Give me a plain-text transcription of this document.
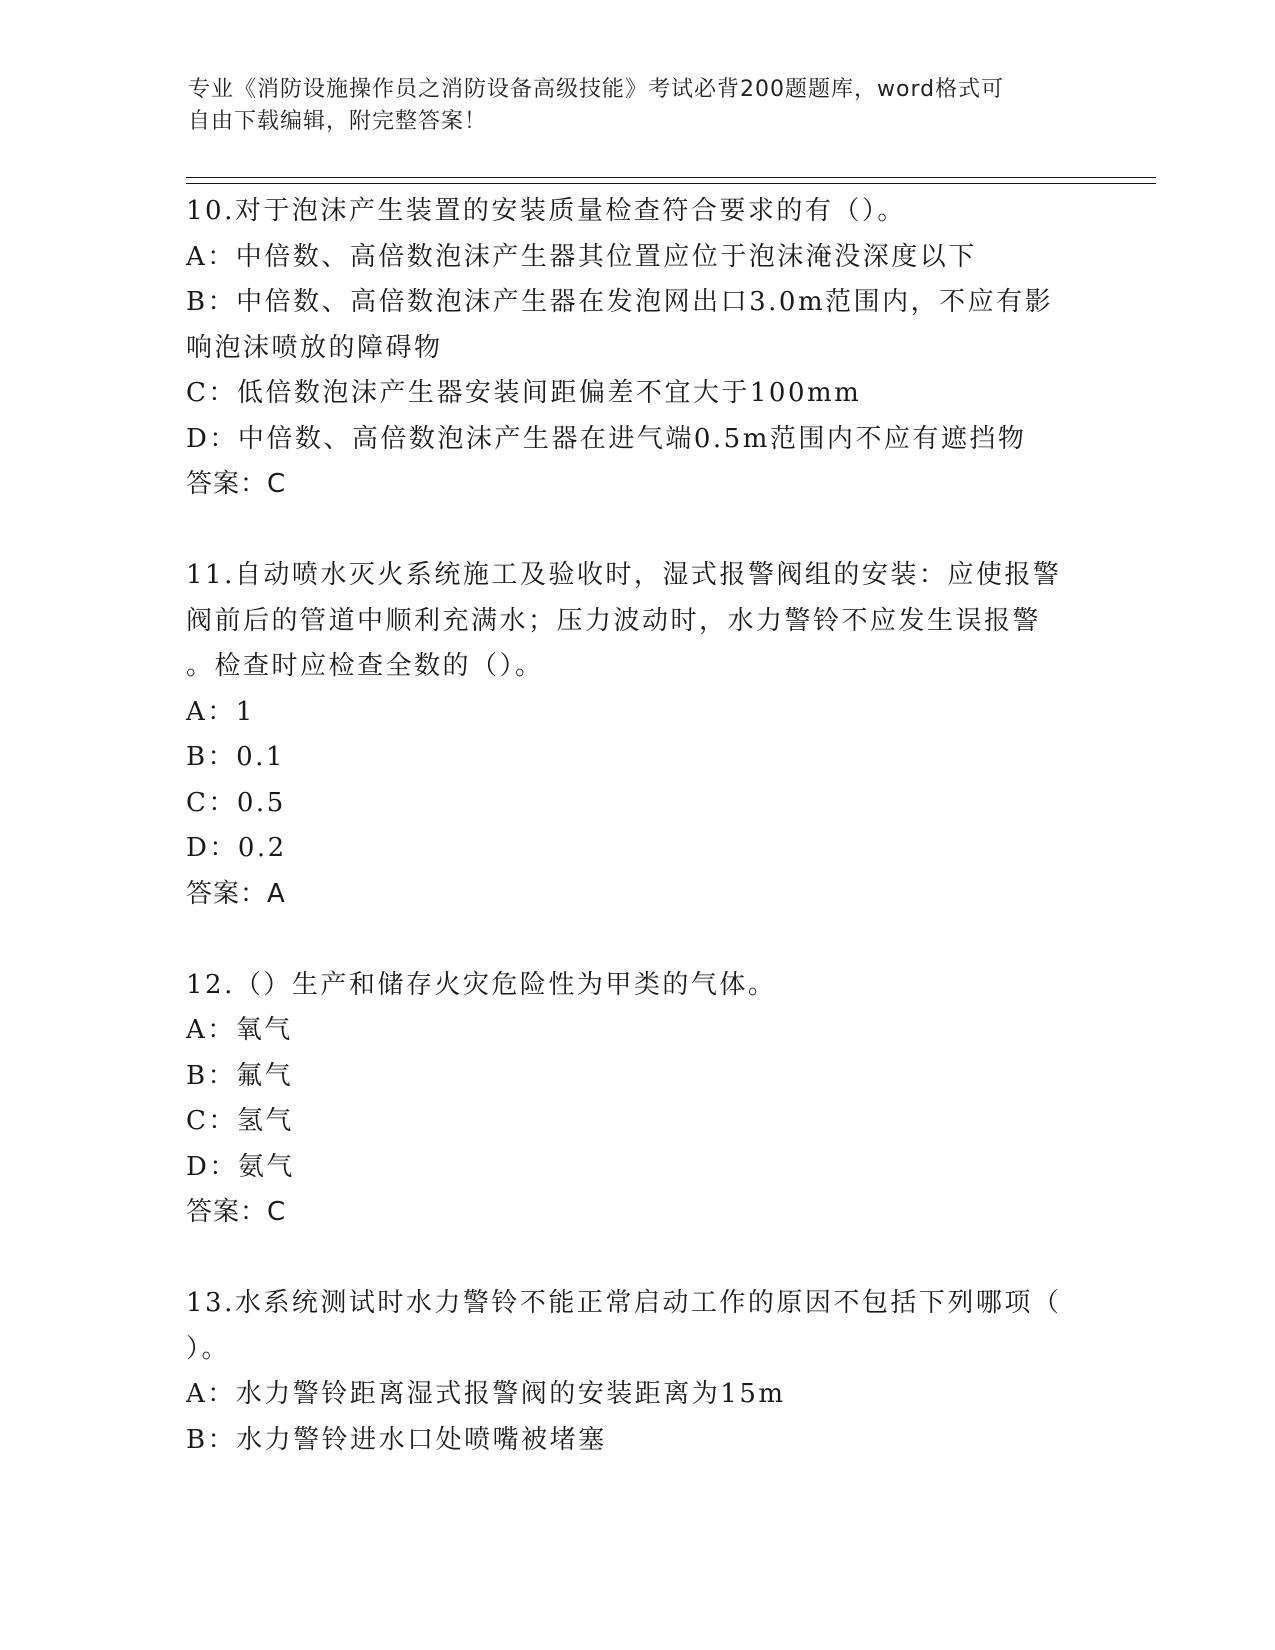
专业《消防设施操作员之消防设备高级技能》考试必背200题题库，word格式可
自由下载编辑，附完整答案！
10.对于泡沫产生装置的安装质量检查符合要求的有（）。
A：中倍数、高倍数泡沫产生器其位置应位于泡沫淹没深度以下
B：中倍数、高倍数泡沫产生器在发泡网出口3.0m范围内，不应有影
响泡沫喷放的障碍物
C：低倍数泡沫产生器安装间距偏差不宜大于100mm
D：中倍数、高倍数泡沫产生器在进气端0.5m范围内不应有遮挡物
答案：C
11.自动喷水灭火系统施工及验收时，湿式报警阀组的安装：应使报警
阀前后的管道中顺利充满水；压力波动时，水力警铃不应发生误报警
。检查时应检查全数的（）。
A：1
B：0.1
C：0.5
D：0.2
答案：A
12.（）生产和储存火灾危险性为甲类的气体。
A：氧气
B：氟气
C：氢气
D：氨气
答案：C
13.水系统测试时水力警铃不能正常启动工作的原因不包括下列哪项（
）。
A：水力警铃距离湿式报警阀的安装距离为15m
B：水力警铃进水口处喷嘴被堵塞
